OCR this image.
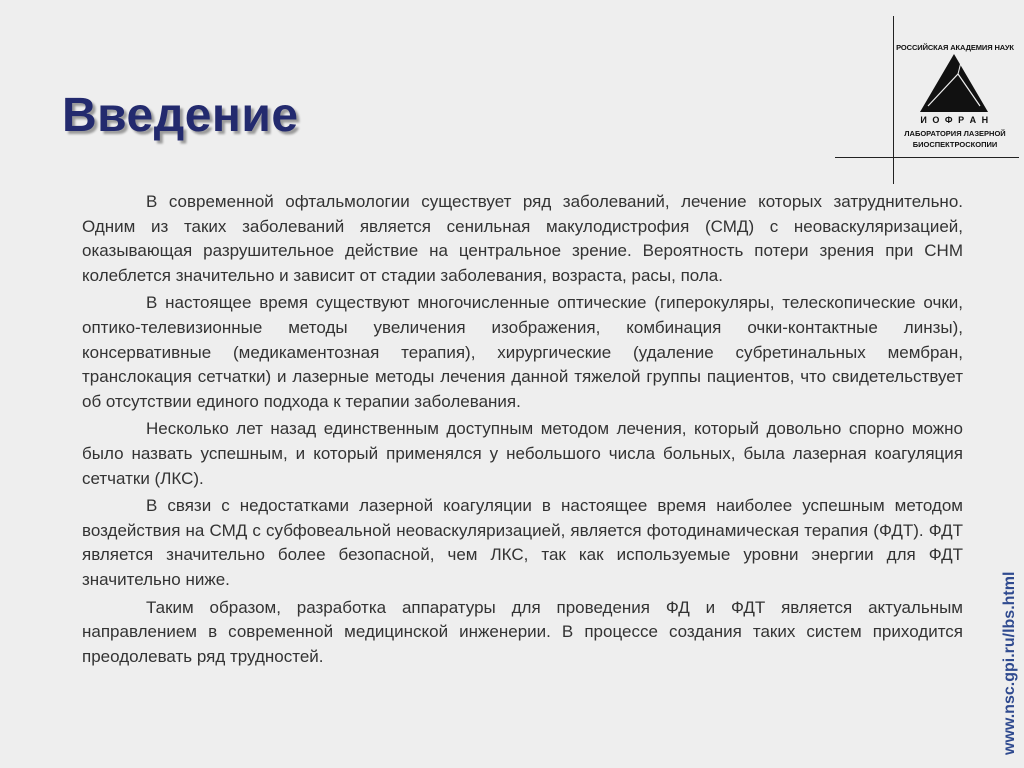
Введение
РОССИЙСКАЯ АКАДЕМИЯ НАУК
И О Ф Р А Н
ЛАБОРАТОРИЯ ЛАЗЕРНОЙ
БИОСПЕКТРОСКОПИИ

В современной офтальмологии существует ряд заболеваний, лечение которых затруднительно. Одним из таких заболеваний является сенильная макулодистрофия (СМД) с неоваскуляризацией, оказывающая разрушительное действие на центральное зрение. Вероятность потери зрения при СНМ колеблется значительно и зависит от стадии заболевания, возраста, расы, пола.

В настоящее время существуют многочисленные оптические (гиперокуляры, телескопические очки, оптико-телевизионные методы увеличения изображения, комбинация очки-контактные линзы), консервативные (медикаментозная терапия), хирургические (удаление субретинальных мембран, транслокация сетчатки) и лазерные методы лечения данной тяжелой группы пациентов, что свидетельствует об отсутствии единого подхода к терапии заболевания.

Несколько лет назад единственным доступным методом лечения, который довольно спорно можно было назвать успешным, и который применялся у небольшого числа больных, была лазерная коагуляция сетчатки (ЛКС).

В связи с недостатками лазерной коагуляции в настоящее время наиболее успешным методом воздействия на СМД с субфовеальной неоваскуляризацией, является фотодинамическая терапия (ФДТ). ФДТ является значительно более безопасной, чем ЛКС, так как используемые уровни энергии для ФДТ значительно ниже.

Таким образом, разработка аппаратуры для проведения ФД и ФДТ является актуальным направлением в современной медицинской инженерии. В процессе создания таких систем приходится преодолевать ряд трудностей.	www.nsc.gpi.ru/lbs.html
